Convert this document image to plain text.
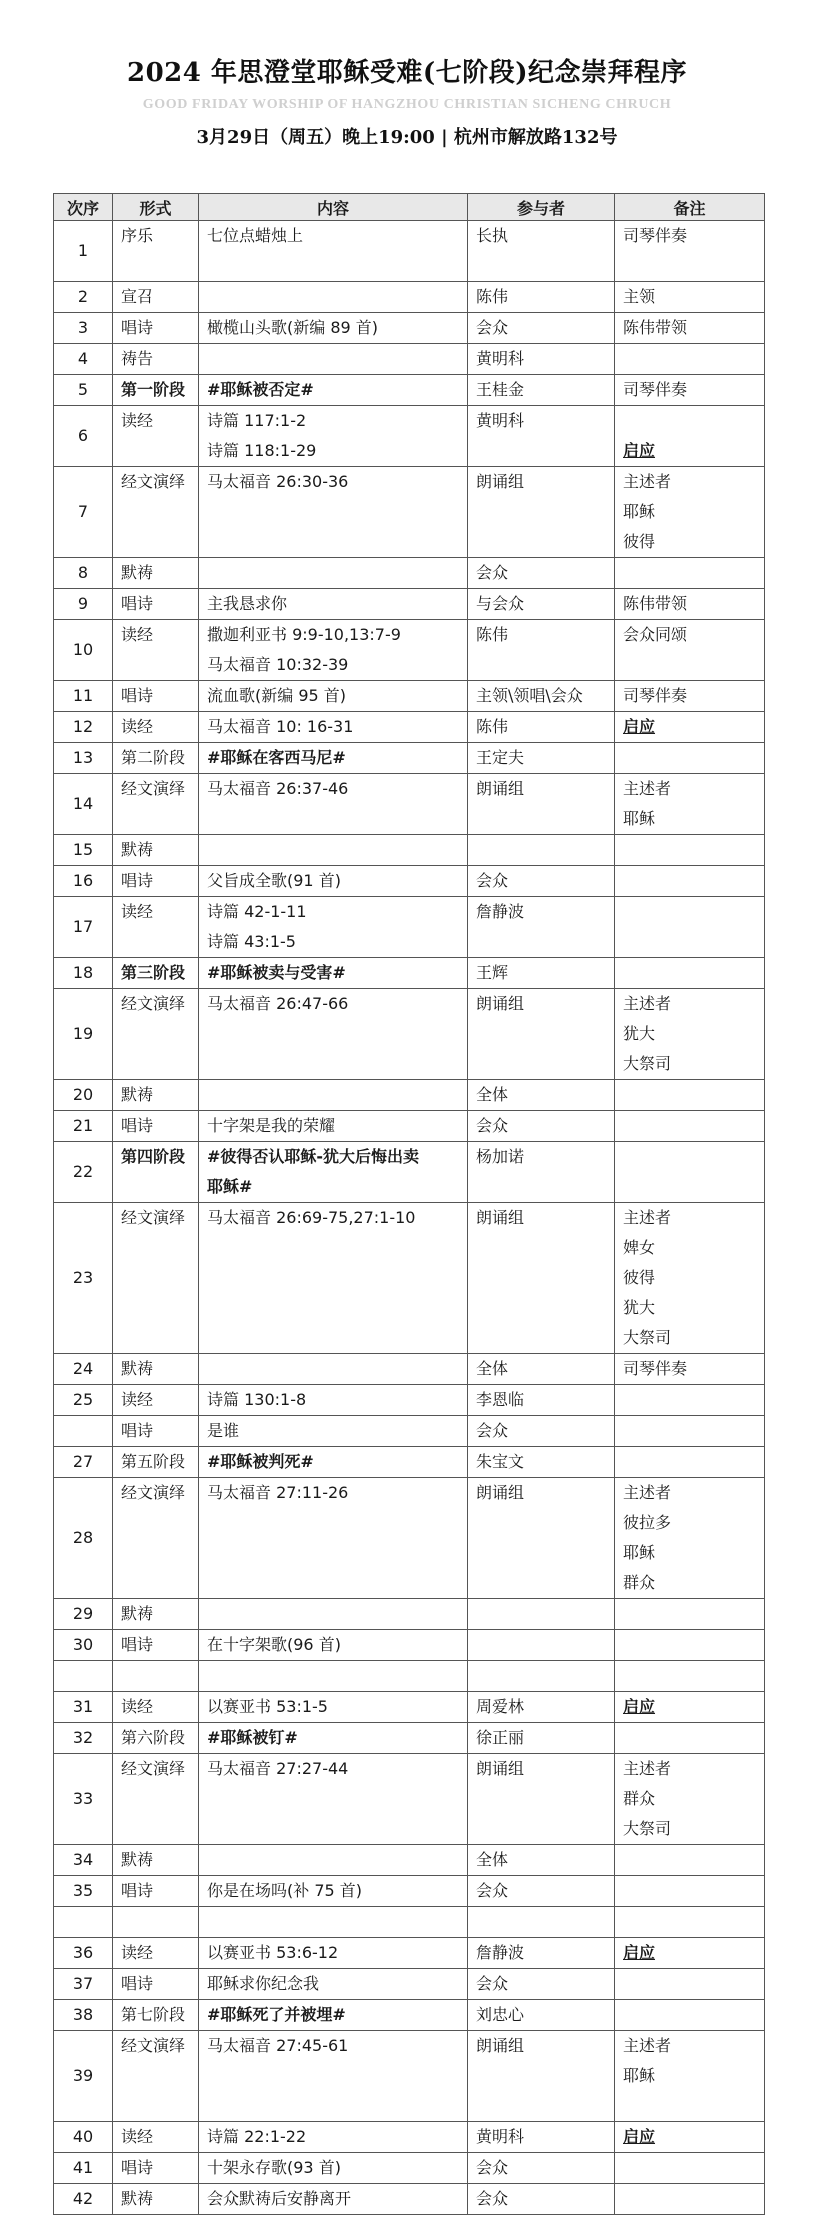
2024 年思澄堂耶稣受难(七阶段)纪念崇拜程序
GOOD FRIDAY WORSHIP OF HANGZHOU CHRISTIAN SICHENG CHRUCH
3月29日（周五）晚上19:00 | 杭州市解放路132号
次序	形式	内容	参与者	备注
1	序乐	七位点蜡烛上	长执	司琴伴奏

2	宣召		陈伟	主领

3	唱诗	橄榄山头歌(新编 89 首)	会众	陈伟带领

4	祷告		黄明科	

5	第一阶段	#耶稣被否定#	王桂金	司琴伴奏

6	读经	诗篇 117:1-2
诗篇 118:1-29	黄明科	启应

7	经文演绎	马太福音 26:30-36	朗诵组	主述者
耶稣
彼得

8	默祷		会众	

9	唱诗	主我恳求你	与会众	陈伟带领

10	读经	撒迦利亚书 9:9-10,13:7-9
马太福音 10:32-39	陈伟	会众同颂

11	唱诗	流血歌(新编 95 首)	主领\领唱\会众	司琴伴奏

12	读经	马太福音 10: 16-31	陈伟	启应

13	第二阶段	#耶稣在客西马尼#	王定夫	

14	经文演绎	马太福音 26:37-46	朗诵组	主述者
耶稣

15	默祷	

16	唱诗	父旨成全歌(91 首)	会众	

17	读经	诗篇 42-1-11
诗篇 43:1-5	詹静波	

18	第三阶段	#耶稣被卖与受害#	王辉	

19	经文演绎	马太福音 26:47-66	朗诵组	主述者
犹大
大祭司

20	默祷		全体	

21	唱诗	十字架是我的荣耀	会众	

22	第四阶段	#彼得否认耶稣-犹大后悔出卖
耶稣#	杨加诺	

23	经文演绎	马太福音 26:69-75,27:1-10	朗诵组	主述者
婢女
彼得
犹大
大祭司

24	默祷		全体	司琴伴奏

25	读经	诗篇 130:1-8	李恩临	

	唱诗	是谁	会众	

27	第五阶段	#耶稣被判死#	朱宝文	

28	经文演绎	马太福音 27:11-26	朗诵组	主述者
彼拉多
耶稣
群众

29	默祷	

30	唱诗	在十字架歌(96 首)		

31	读经	以赛亚书 53:1-5	周爱林	启应

32	第六阶段	#耶稣被钉#	徐正丽	

33	经文演绎	马太福音 27:27-44	朗诵组	主述者
群众
大祭司

34	默祷		全体	

35	唱诗	你是在场吗(补 75 首)	会众	

36	读经	以赛亚书 53:6-12	詹静波	启应

37	唱诗	耶稣求你纪念我	会众	

38	第七阶段	#耶稣死了并被埋#	刘忠心	

39	经文演绎	马太福音 27:45-61	朗诵组	主述者
耶稣

40	读经	诗篇 22:1-22	黄明科	启应

41	唱诗	十架永存歌(93 首)	会众	

42	默祷	会众默祷后安静离开	会众	
